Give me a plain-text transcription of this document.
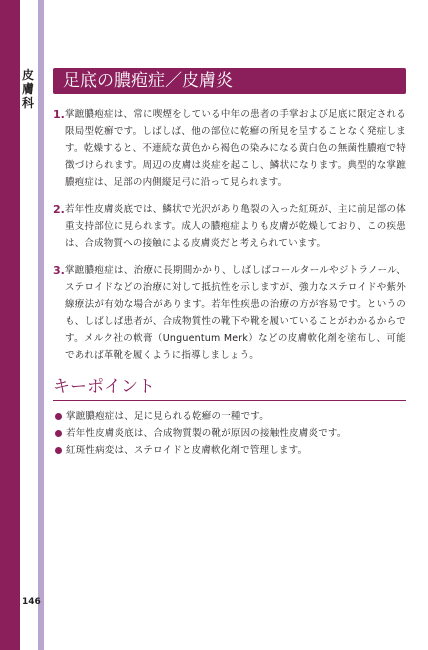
皮膚科
146
足底の膿疱症／皮膚炎
1. 掌蹠膿疱症は、常に喫煙をしている中年の患者の手掌および足底に限定される限局型乾癬です。しばしば、他の部位に乾癬の所見を呈することなく発症します。乾燥すると、不連続な黄色から褐色の染みになる黄白色の無菌性膿疱で特徴づけられます。周辺の皮膚は炎症を起こし、鱗状になります。典型的な掌蹠膿疱症は、足部の内側縦足弓に沿って見られます。
2. 若年性皮膚炎底では、鱗状で光沢があり亀裂の入った紅斑が、主に前足部の体重支持部位に見られます。成人の膿疱症よりも皮膚が乾燥しており、この疾患は、合成物質への接触による皮膚炎だと考えられています。
3. 掌蹠膿疱症は、治療に長期間かかり、しばしばコールタールやジトラノール、ステロイドなどの治療に対して抵抗性を示しますが、強力なステロイドや紫外線療法が有効な場合があります。若年性疾患の治療の方が容易です。というのも、しばしば患者が、合成物質性の靴下や靴を履いていることがわかるからです。メルク社の軟膏（Unguentum Merk）などの皮膚軟化剤を塗布し、可能であれば革靴を履くように指導しましょう。
キーポイント
掌蹠膿疱症は、足に見られる乾癬の一種です。
若年性皮膚炎底は、合成物質製の靴が原因の接触性皮膚炎です。
紅斑性病変は、ステロイドと皮膚軟化剤で管理します。
